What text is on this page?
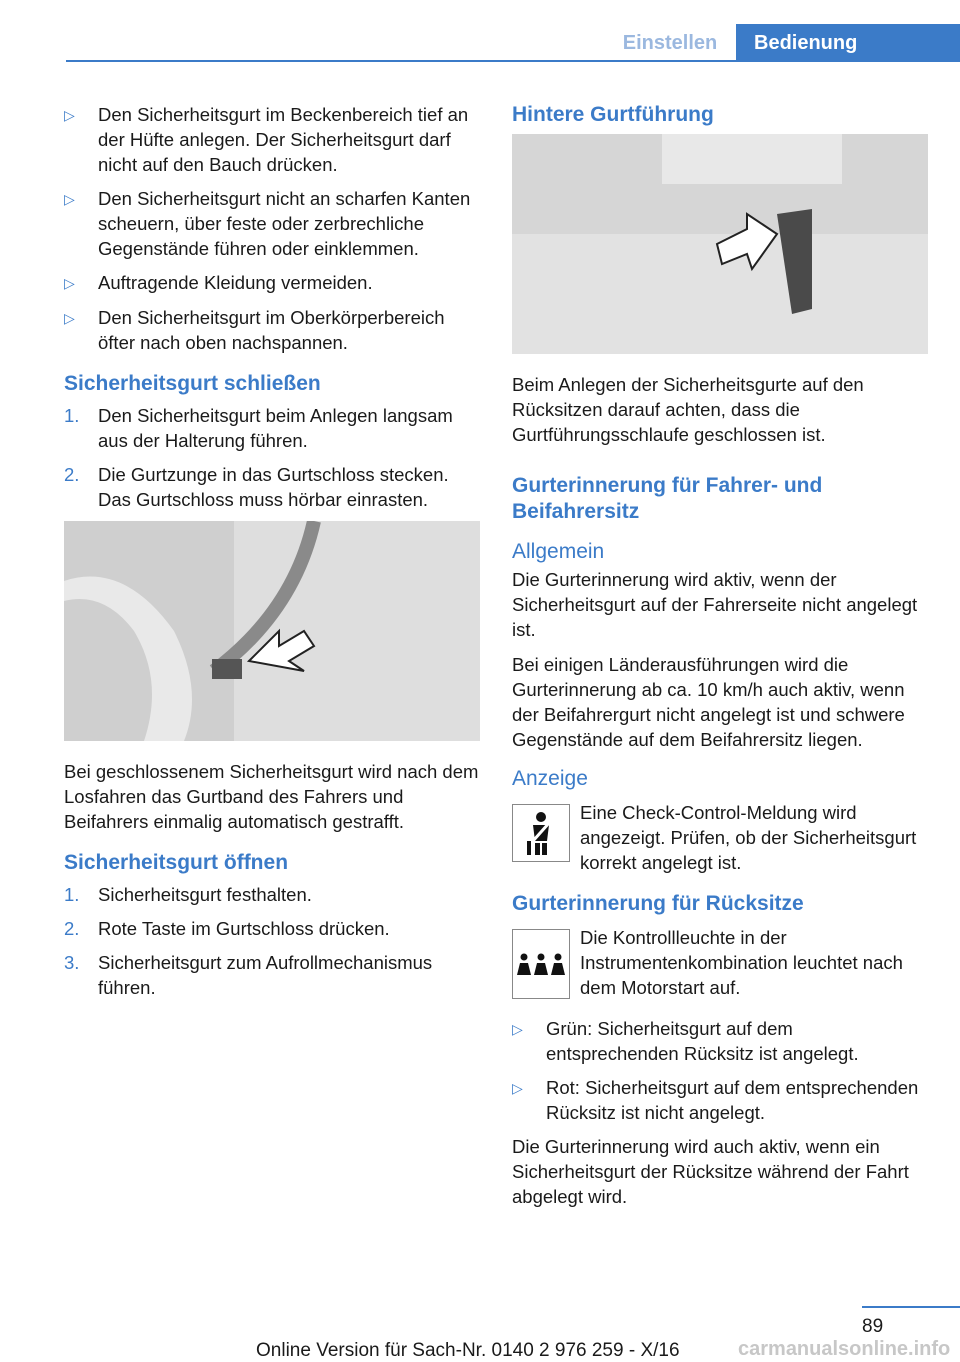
Einstellen	Bedienung
▷	Den Sicherheitsgurt im Beckenbereich tief an der Hüfte anlegen. Der Sicherheitsgurt darf nicht auf den Bauch drücken.
▷	Den Sicherheitsgurt nicht an scharfen Kanten scheuern, über feste oder zerbrechliche Gegenstände führen oder einklemmen.
▷	Auftragende Kleidung vermeiden.
▷	Den Sicherheitsgurt im Oberkörperbereich öfter nach oben nachspannen.
Sicherheitsgurt schließen
1.	Den Sicherheitsgurt beim Anlegen langsam aus der Halterung führen.
2.	Die Gurtzunge in das Gurtschloss stecken. Das Gurtschloss muss hörbar einrasten.

Bei geschlossenem Sicherheitsgurt wird nach dem Losfahren das Gurtband des Fahrers und Beifahrers einmalig automatisch gestrafft.

Sicherheitsgurt öffnen
1.	Sicherheitsgurt festhalten.
2.	Rote Taste im Gurtschloss drücken.
3.	Sicherheitsgurt zum Aufrollmechanismus führen.
Hintere Gurtführung

Beim Anlegen der Sicherheitsgurte auf den Rücksitzen darauf achten, dass die Gurtführungsschlaufe geschlossen ist.

Gurterinnerung für Fahrer- und Beifahrersitz
Allgemein

Die Gurterinnerung wird aktiv, wenn der Sicherheitsgurt auf der Fahrerseite nicht angelegt ist.

Bei einigen Länderausführungen wird die Gurterinnerung ab ca. 10 km/h auch aktiv, wenn der Beifahrergurt nicht angelegt ist und schwere Gegenstände auf dem Beifahrersitz liegen.

Anzeige
Eine Check-Control-Meldung wird angezeigt. Prüfen, ob der Sicherheitsgurt korrekt angelegt ist.
Gurterinnerung für Rücksitze
Die Kontrollleuchte in der Instrumentenkombination leuchtet nach dem Motorstart auf.
▷	Grün: Sicherheitsgurt auf dem entsprechenden Rücksitz ist angelegt.
▷	Rot: Sicherheitsgurt auf dem entsprechenden Rücksitz ist nicht angelegt.

Die Gurterinnerung wird auch aktiv, wenn ein Sicherheitsgurt der Rücksitze während der Fahrt abgelegt wird.

89
Online Version für Sach-Nr. 0140 2 976 259 - X/16	carmanualsonline.info
